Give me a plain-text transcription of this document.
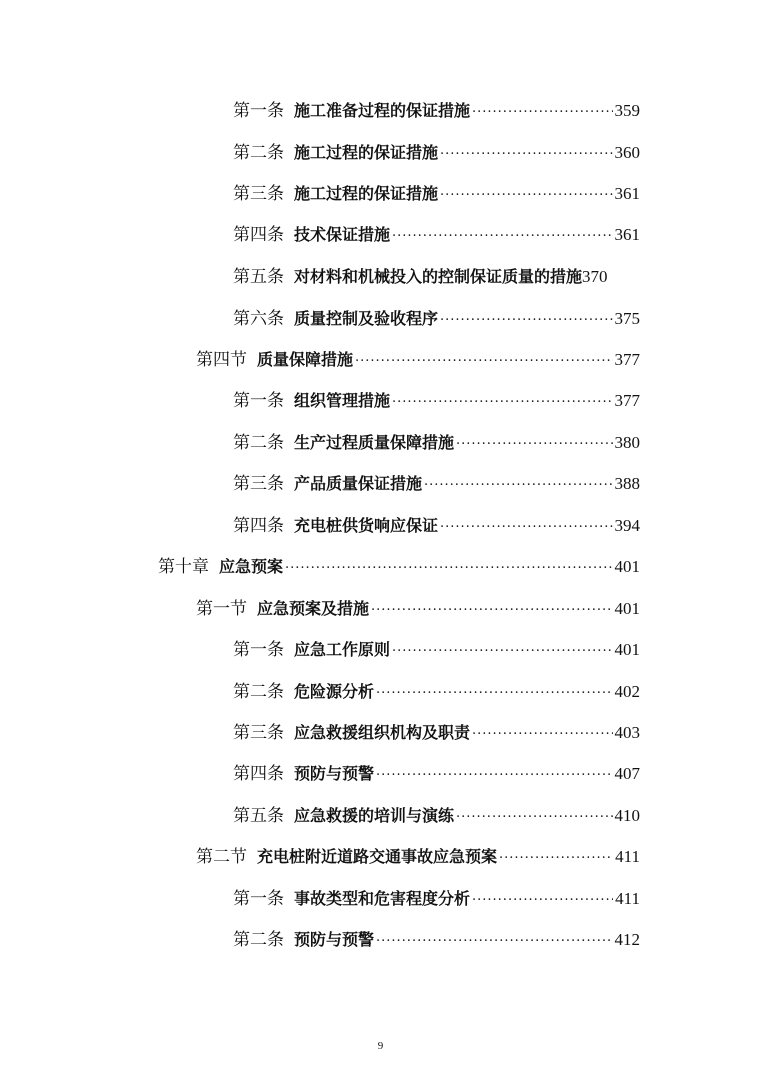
第一条 施工准备过程的保证措施 .....	359
第二条 施工过程的保证措施 .....	360
第三条 施工过程的保证措施 .....	361
第四条 技术保证措施 .....	361
第五条 对材料和机械投入的控制保证质量的措施 370
第六条 质量控制及验收程序 .....	375
第四节 质量保障措施 .....	377
第一条 组织管理措施 .....	377
第二条 生产过程质量保障措施 .....	380
第三条 产品质量保证措施 .....	388
第四条 充电桩供货响应保证 .....	394
第十章 应急预案 .....	401
第一节 应急预案及措施 .....	401
第一条 应急工作原则 .....	401
第二条 危险源分析 .....	402
第三条 应急救援组织机构及职责 .....	403
第四条 预防与预警 .....	407
第五条 应急救援的培训与演练 .....	410
第二节 充电桩附近道路交通事故应急预案 .....	411
第一条 事故类型和危害程度分析 .....	411
第二条 预防与预警 .....	412
9
